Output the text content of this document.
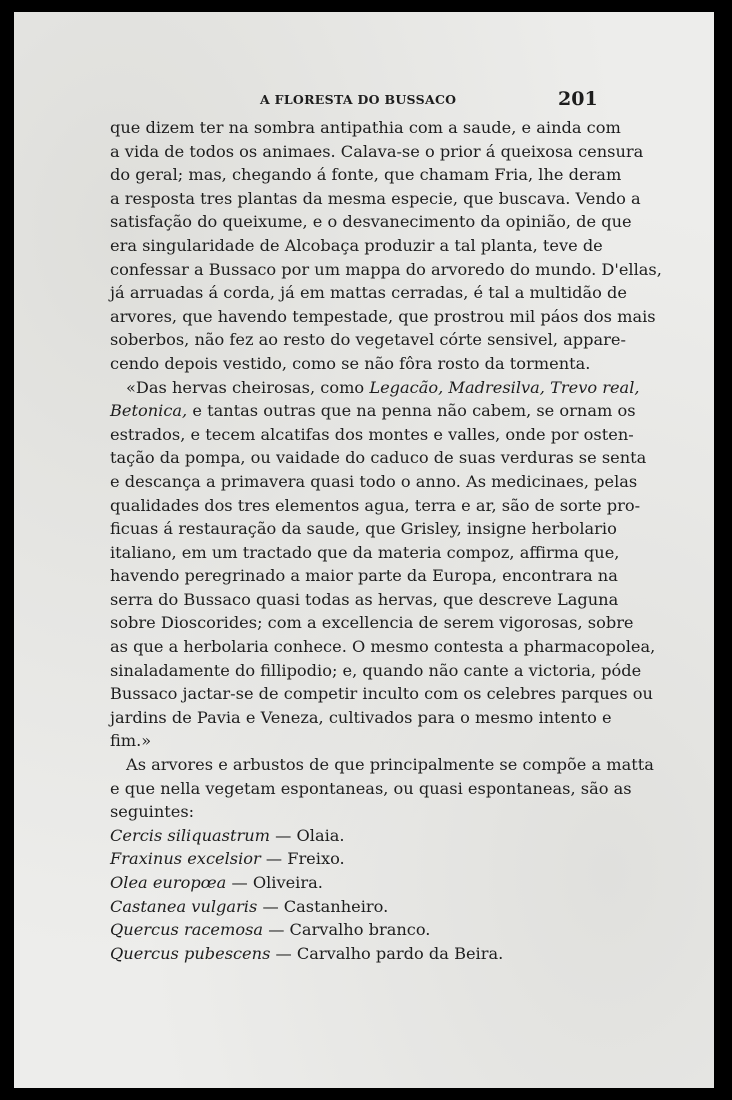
A FLORESTA DO BUSSACO	201

que dizem ter na sombra antipathia com a saude, e ainda com
a vida de todos os animaes. Calava-se o prior á queixosa censura
do geral; mas, chegando á fonte, que chamam Fria, lhe deram
a resposta tres plantas da mesma especie, que buscava. Vendo a
satisfação do queixume, e o desvanecimento da opinião, de que
era singularidade de Alcobaça produzir a tal planta, teve de
confessar a Bussaco por um mappa do arvoredo do mundo. D'ellas,
já arruadas á corda, já em mattas cerradas, é tal a multidão de
arvores, que havendo tempestade, que prostrou mil páos dos mais
soberbos, não fez ao resto do vegetavel córte sensivel, appare-
cendo depois vestido, como se não fôra rosto da tormenta.

«Das hervas cheirosas, como Legacão, Madresilva, Trevo real,
Betonica, e tantas outras que na penna não cabem, se ornam os
estrados, e tecem alcatifas dos montes e valles, onde por osten-
tação da pompa, ou vaidade do caduco de suas verduras se senta
e descança a primavera quasi todo o anno. As medicinaes, pelas
qualidades dos tres elementos agua, terra e ar, são de sorte pro-
ficuas á restauração da saude, que Grisley, insigne herbolario
italiano, em um tractado que da materia compoz, affirma que,
havendo peregrinado a maior parte da Europa, encontrara na
serra do Bussaco quasi todas as hervas, que descreve Laguna
sobre Dioscorides; com a excellencia de serem vigorosas, sobre
as que a herbolaria conhece. O mesmo contesta a pharmacopolea,
sinaladamente do fillipodio; e, quando não cante a victoria, póde
Bussaco jactar-se de competir inculto com os celebres parques ou
jardins de Pavia e Veneza, cultivados para o mesmo intento e
fim.»

As arvores e arbustos de que principalmente se compõe a matta
e que nella vegetam espontaneas, ou quasi espontaneas, são as
seguintes:

Cercis siliquastrum — Olaia.
Fraxinus excelsior — Freixo.
Olea europœa — Oliveira.
Castanea vulgaris — Castanheiro.
Quercus racemosa — Carvalho branco.
Quercus pubescens — Carvalho pardo da Beira.
